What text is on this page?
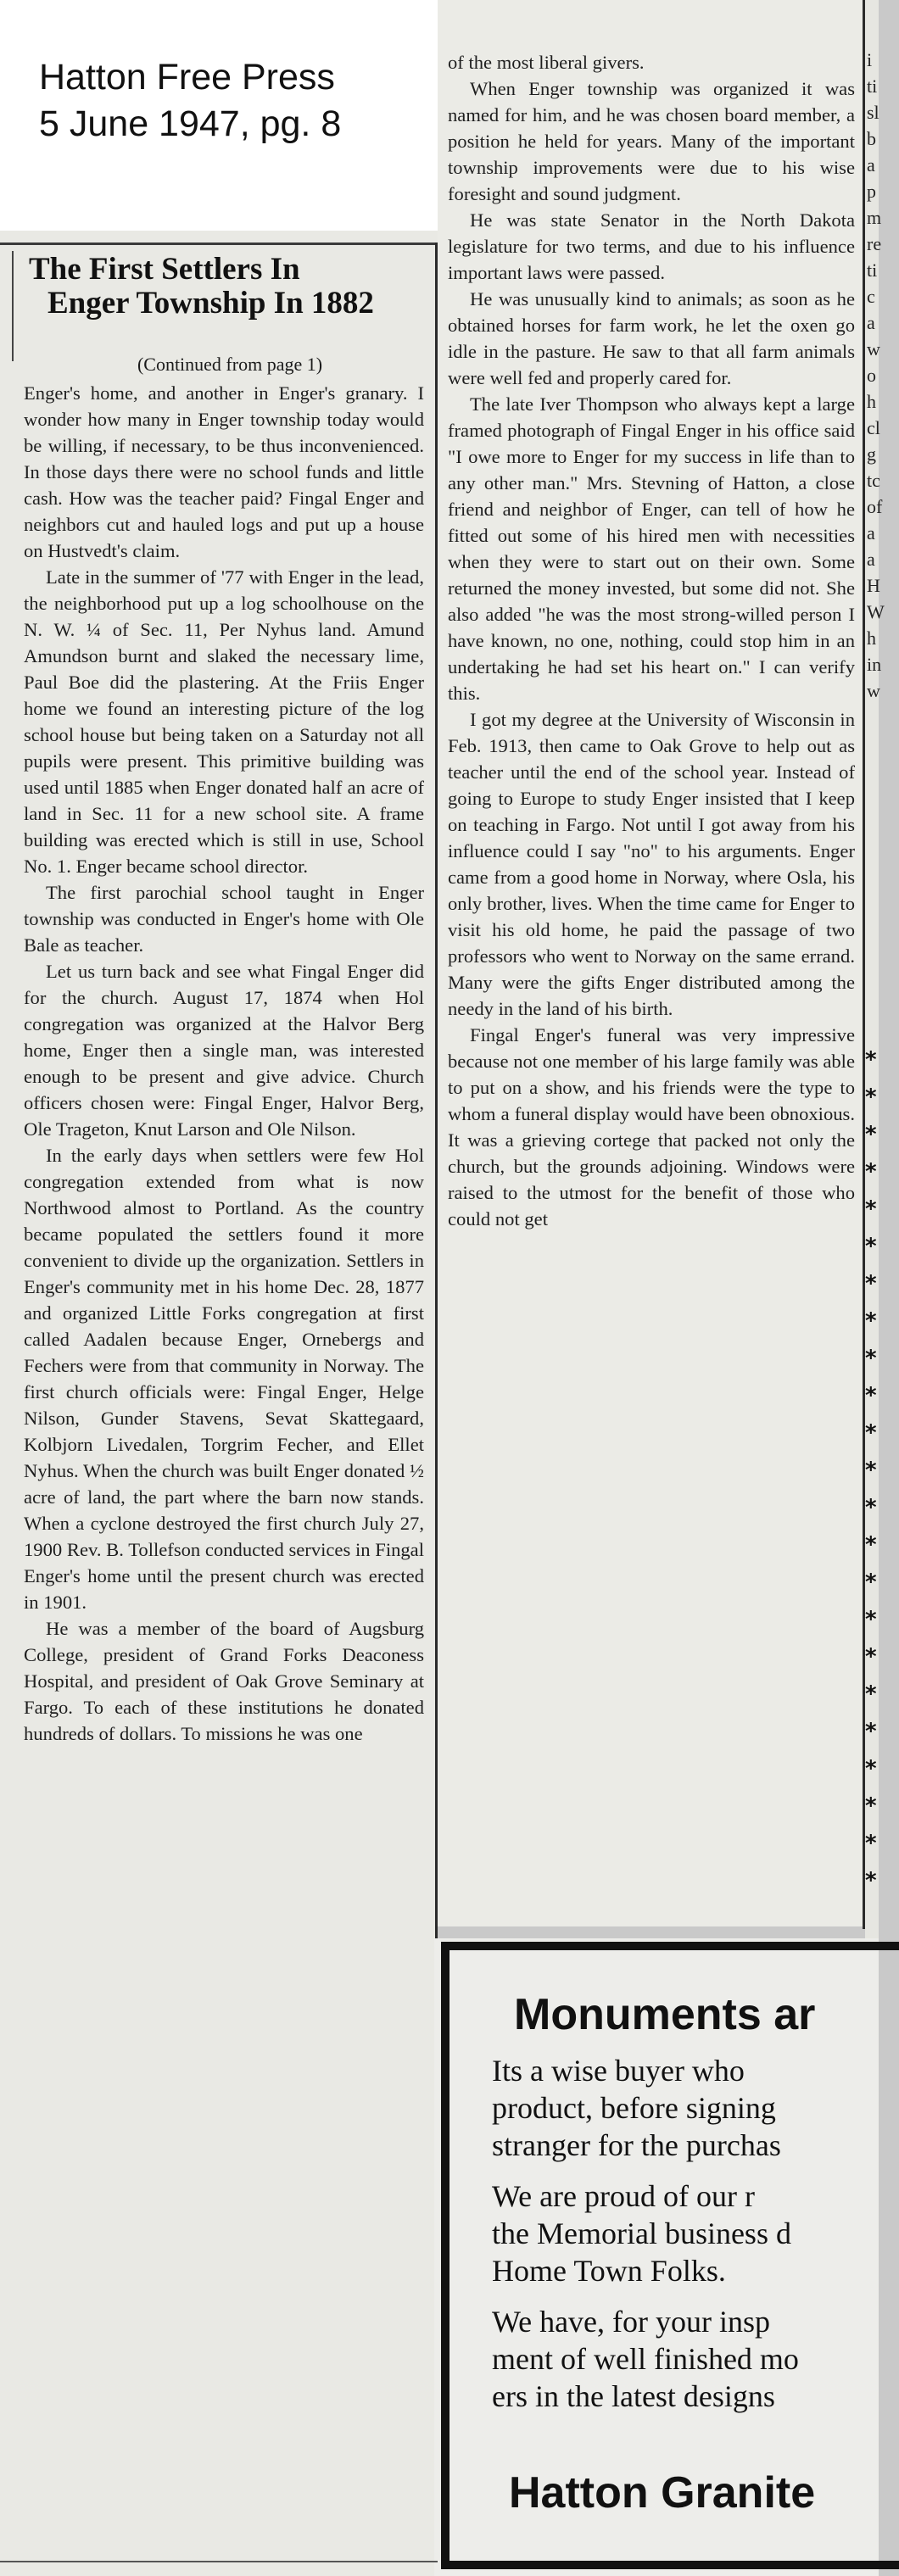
Hatton Free Press
5 June 1947, pg. 8
The First Settlers In
Enger Township In 1882
(Continued from page 1)

Enger's home, and another in Enger's granary. I wonder how many in Enger township today would be willing, if necessary, to be thus inconvenienced. In those days there were no school funds and little cash. How was the teacher paid? Fingal Enger and neighbors cut and hauled logs and put up a house on Hustvedt's claim.

Late in the summer of '77 with Enger in the lead, the neighborhood put up a log schoolhouse on the N. W. ¼ of Sec. 11, Per Nyhus land. Amund Amundson burnt and slaked the necessary lime, Paul Boe did the plastering. At the Friis Enger home we found an interesting picture of the log school house but being taken on a Saturday not all pupils were present. This primitive building was used until 1885 when Enger donated half an acre of land in Sec. 11 for a new school site. A frame building was erected which is still in use, School No. 1. Enger became school director.

The first parochial school taught in Enger township was conducted in Enger's home with Ole Bale as teacher.

Let us turn back and see what Fingal Enger did for the church. August 17, 1874 when Hol congregation was organized at the Halvor Berg home, Enger then a single man, was interested enough to be present and give advice. Church officers chosen were: Fingal Enger, Halvor Berg, Ole Trageton, Knut Larson and Ole Nilson.

In the early days when settlers were few Hol congregation extended from what is now Northwood almost to Portland. As the country became populated the settlers found it more convenient to divide up the organization. Settlers in Enger's community met in his home Dec. 28, 1877 and organized Little Forks congregation at first called Aadalen because Enger, Ornebergs and Fechers were from that community in Norway. The first church officials were: Fingal Enger, Helge Nilson, Gunder Stavens, Sevat Skattegaard, Kolbjorn Livedalen, Torgrim Fecher, and Ellet Nyhus. When the church was built Enger donated ½ acre of land, the part where the barn now stands. When a cyclone destroyed the first church July 27, 1900 Rev. B. Tollefson conducted services in Fingal Enger's home until the present church was erected in 1901.

He was a member of the board of Augsburg College, president of Grand Forks Deaconess Hospital, and president of Oak Grove Seminary at Fargo. To each of these institutions he donated hundreds of dollars. To missions he was one

of the most liberal givers.

When Enger township was organized it was named for him, and he was chosen board member, a position he held for years. Many of the important township improvements were due to his wise foresight and sound judgment.

He was state Senator in the North Dakota legislature for two terms, and due to his influence important laws were passed.

He was unusually kind to animals; as soon as he obtained horses for farm work, he let the oxen go idle in the pasture. He saw to that all farm animals were well fed and properly cared for.

The late Iver Thompson who always kept a large framed photograph of Fingal Enger in his office said "I owe more to Enger for my success in life than to any other man." Mrs. Stevning of Hatton, a close friend and neighbor of Enger, can tell of how he fitted out some of his hired men with necessities when they were to start out on their own. Some returned the money invested, but some did not. She also added "he was the most strong-willed person I have known, no one, nothing, could stop him in an undertaking he had set his heart on." I can verify this.

I got my degree at the University of Wisconsin in Feb. 1913, then came to Oak Grove to help out as teacher until the end of the school year. Instead of going to Europe to study Enger insisted that I keep on teaching in Fargo. Not until I got away from his influence could I say "no" to his arguments. Enger came from a good home in Norway, where Osla, his only brother, lives. When the time came for Enger to visit his old home, he paid the passage of two professors who went to Norway on the same errand. Many were the gifts Enger distributed among the needy in the land of his birth.

Fingal Enger's funeral was very impressive because not one member of his large family was able to put on a show, and his friends were the type to whom a funeral display would have been obnoxious. It was a grieving cortege that packed not only the church, but the grounds adjoining. Windows were raised to the utmost for the benefit of those who could not get

i
ti
sl
b
a
p
m
re
ti
c
a
w
o
h
cl
g
tc
of
a
a
H
W
h
in
w
*
*
*
*
*
*
*
*
*
*
*
*
*
*
*
*
*
*
*
*
*
*
*
Monuments ar
Its a wise buyer who
product, before signing
stranger for the purchas
We are proud of our r
the Memorial business d
Home Town Folks.
We have, for your insp
ment of well finished mo
ers in the latest designs
Hatton Granite
